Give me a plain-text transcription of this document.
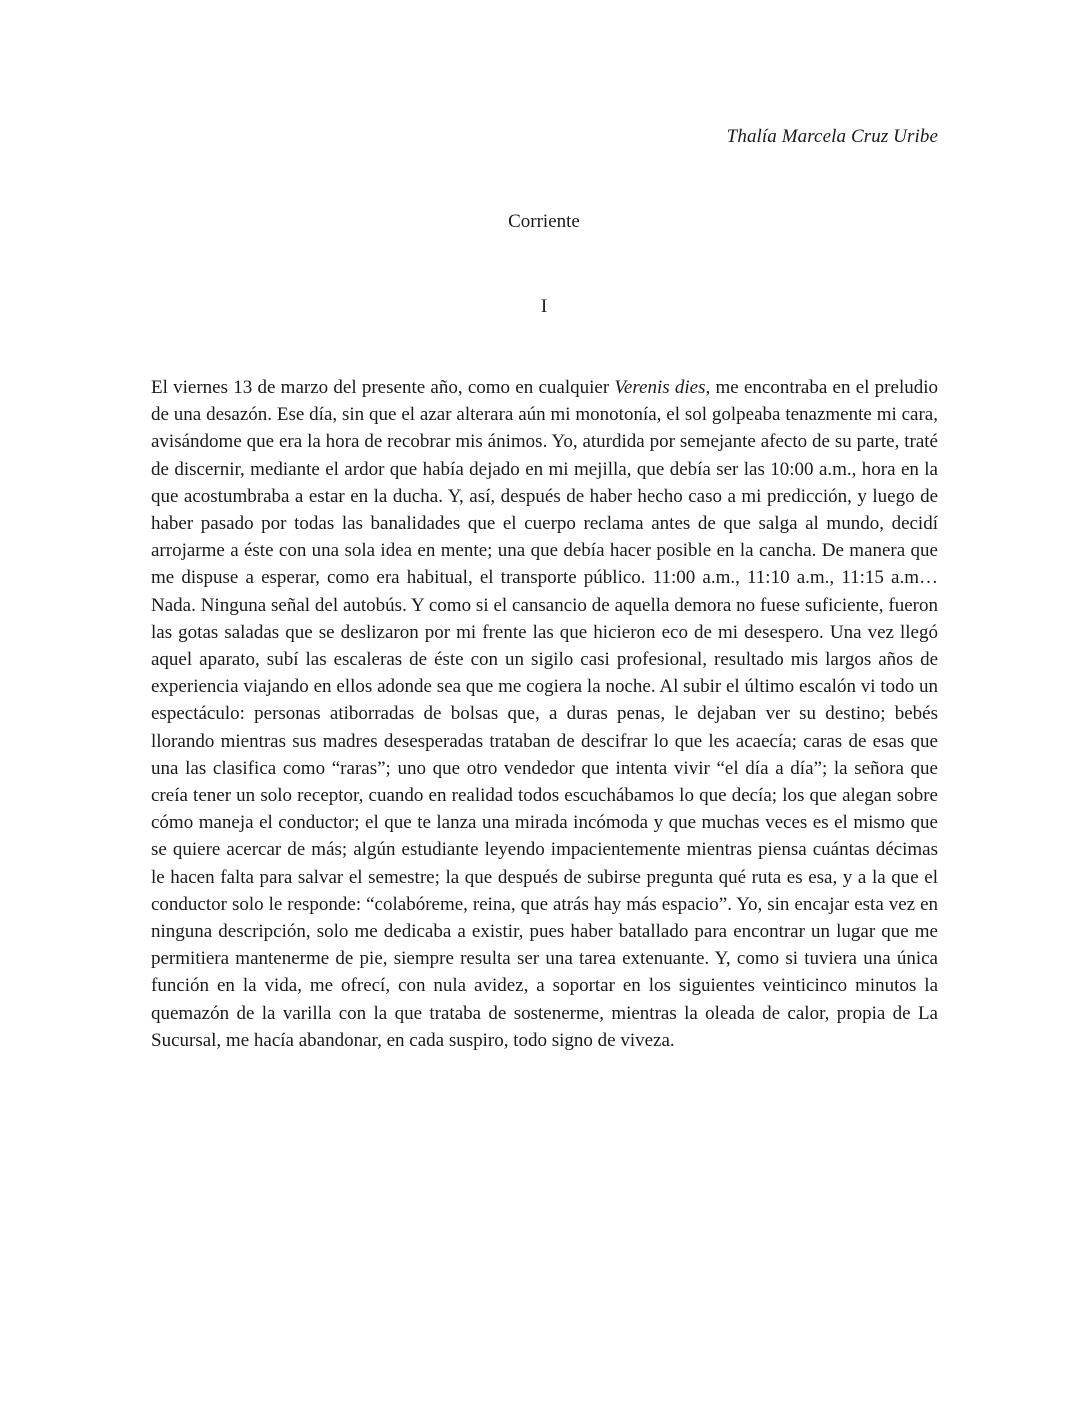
Thalía Marcela Cruz Uribe
Corriente
I

El viernes 13 de marzo del presente año, como en cualquier Verenis dies, me encontraba en el preludio de una desazón. Ese día, sin que el azar alterara aún mi monotonía, el sol golpeaba tenazmente mi cara, avisándome que era la hora de recobrar mis ánimos. Yo, aturdida por semejante afecto de su parte, traté de discernir, mediante el ardor que había dejado en mi mejilla, que debía ser las 10:00 a.m., hora en la que acostumbraba a estar en la ducha. Y, así, después de haber hecho caso a mi predicción, y luego de haber pasado por todas las banalidades que el cuerpo reclama antes de que salga al mundo, decidí arrojarme a éste con una sola idea en mente; una que debía hacer posible en la cancha. De manera que me dispuse a esperar, como era habitual, el transporte público. 11:00 a.m., 11:10 a.m., 11:15 a.m… Nada. Ninguna señal del autobús. Y como si el cansancio de aquella demora no fuese suficiente, fueron las gotas saladas que se deslizaron por mi frente las que hicieron eco de mi desespero. Una vez llegó aquel aparato, subí las escaleras de éste con un sigilo casi profesional, resultado mis largos años de experiencia viajando en ellos adonde sea que me cogiera la noche. Al subir el último escalón vi todo un espectáculo: personas atiborradas de bolsas que, a duras penas, le dejaban ver su destino; bebés llorando mientras sus madres desesperadas trataban de descifrar lo que les acaecía; caras de esas que una las clasifica como “raras”; uno que otro vendedor que intenta vivir “el día a día”; la señora que creía tener un solo receptor, cuando en realidad todos escuchábamos lo que decía; los que alegan sobre cómo maneja el conductor; el que te lanza una mirada incómoda y que muchas veces es el mismo que se quiere acercar de más; algún estudiante leyendo impacientemente mientras piensa cuántas décimas le hacen falta para salvar el semestre; la que después de subirse pregunta qué ruta es esa, y a la que el conductor solo le responde: “colabóreme, reina, que atrás hay más espacio”. Yo, sin encajar esta vez en ninguna descripción, solo me dedicaba a existir, pues haber batallado para encontrar un lugar que me permitiera mantenerme de pie, siempre resulta ser una tarea extenuante. Y, como si tuviera una única función en la vida, me ofrecí, con nula avidez, a soportar en los siguientes veinticinco minutos la quemazón de la varilla con la que trataba de sostenerme, mientras la oleada de calor, propia de La Sucursal, me hacía abandonar, en cada suspiro, todo signo de viveza.
